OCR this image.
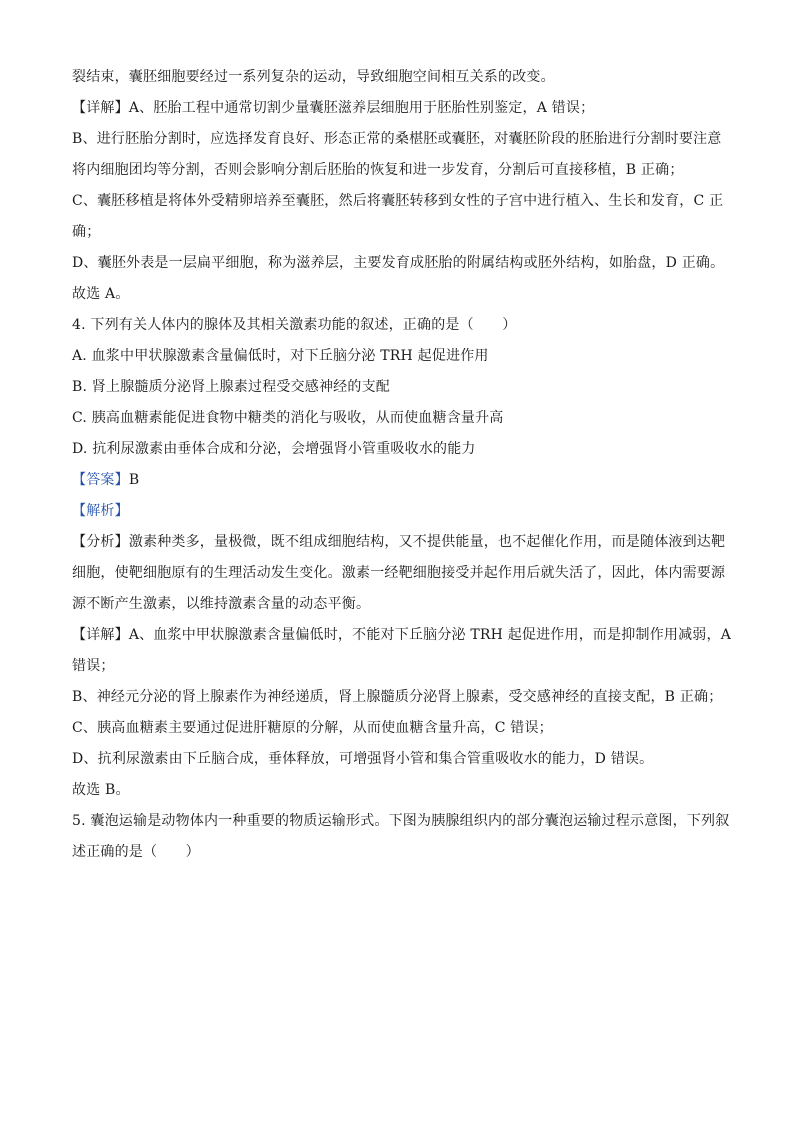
裂结束，囊胚细胞要经过一系列复杂的运动，导致细胞空间相互关系的改变。
【详解】A、胚胎工程中通常切割少量囊胚滋养层细胞用于胚胎性别鉴定，A 错误；
B、进行胚胎分割时，应选择发育良好、形态正常的桑椹胚或囊胚，对囊胚阶段的胚胎进行分割时要注意
将内细胞团均等分割，否则会影响分割后胚胎的恢复和进一步发育，分割后可直接移植，B 正确；
C、囊胚移植是将体外受精卵培养至囊胚，然后将囊胚转移到女性的子宫中进行植入、生长和发育，C 正
确；
D、囊胚外表是一层扁平细胞，称为滋养层，主要发育成胚胎的附属结构或胚外结构，如胎盘，D 正确。
故选 A。
4. 下列有关人体内的腺体及其相关激素功能的叙述，正确的是（　　）
A. 血浆中甲状腺激素含量偏低时，对下丘脑分泌 TRH 起促进作用
B. 肾上腺髓质分泌肾上腺素过程受交感神经的支配
C. 胰高血糖素能促进食物中糖类的消化与吸收，从而使血糖含量升高
D. 抗利尿激素由垂体合成和分泌，会增强肾小管重吸收水的能力
【答案】B
【解析】
【分析】激素种类多，量极微，既不组成细胞结构，又不提供能量，也不起催化作用，而是随体液到达靶
细胞，使靶细胞原有的生理活动发生变化。激素一经靶细胞接受并起作用后就失活了，因此，体内需要源
源不断产生激素，以维持激素含量的动态平衡。
【详解】A、血浆中甲状腺激素含量偏低时，不能对下丘脑分泌 TRH 起促进作用，而是抑制作用减弱，A
错误；
B、神经元分泌的肾上腺素作为神经递质，肾上腺髓质分泌肾上腺素，受交感神经的直接支配，B 正确；
C、胰高血糖素主要通过促进肝糖原的分解，从而使血糖含量升高，C 错误；
D、抗利尿激素由下丘脑合成，垂体释放，可增强肾小管和集合管重吸收水的能力，D 错误。
故选 B。
5. 囊泡运输是动物体内一种重要的物质运输形式。下图为胰腺组织内的部分囊泡运输过程示意图，下列叙
述正确的是（　　）
